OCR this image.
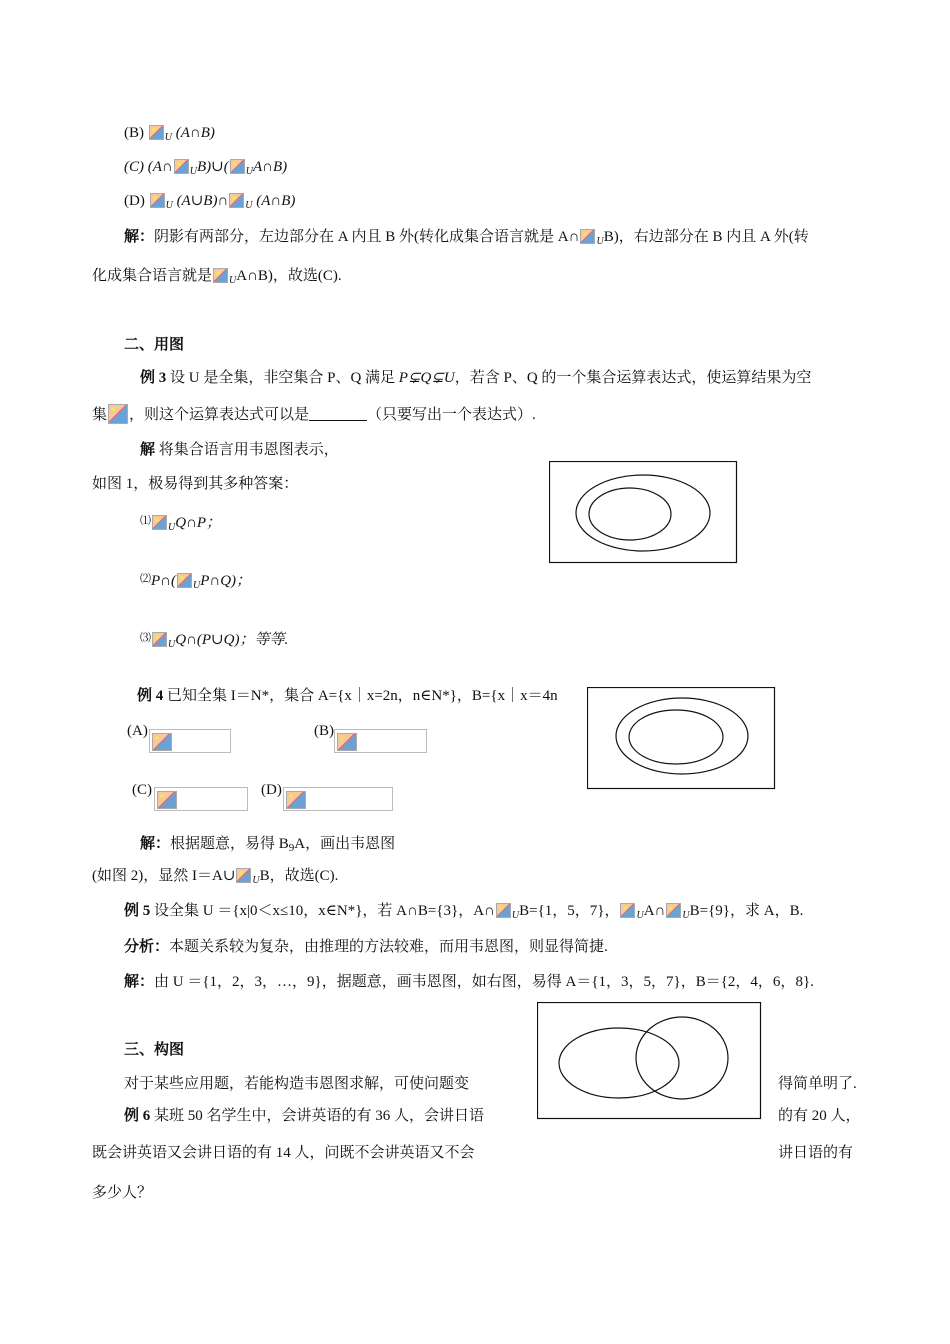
(B) $_U$ (A∩B)
(C) (A∩ $_U$B)∪( $_U$A∩B)
(D) $_U$ (A∪B)∩ $_U$ (A∩B)
解：阴影有两部分，左边部分在 A 内且 B 外(转化成集合语言就是 A∩ $_U$B)，右边部分在 B 内且 A 外(转
化成集合语言就是 $_U$A∩B)，故选(C).
二、用图
例 3 设 U 是全集，非空集合 P、Q 满足 P⊊Q⊊U，若含 P、Q 的一个集合运算表达式，使运算结果为空
集 ，则这个运算表达式可以是	（只要写出一个表达式）.
解 将集合语言用韦恩图表示，
如图 1，极易得到其多种答案：
⑴$_U$Q∩P；
⑵P∩( $_U$P∩Q)；
⑶$_U$Q∩(P∪Q)；等等.
例 4 已知全集 I＝N*，集合 A={x｜x=2n，n∈N*}，B={x｜x＝4n
(A)	(B)
(C)	(D)
解：根据题意，易得 $B_9A$，画出韦恩图
(如图 2)，显然 I＝A∪ $_U$B，故选(C).
例 5 设全集 U ＝{x|0＜x≤10，x∈N*}，若 A∩B={3}，A∩ $_U$B={1，5，7}， $_U$A∩ $_U$B={9}，求 A，B.
分析：本题关系较为复杂，由推理的方法较难，而用韦恩图，则显得简捷.
解：由 U ＝{1，2，3，…，9}，据题意，画韦恩图，如右图，易得 A＝{1，3，5，7}，B＝{2，4，6，8}.
三、构图
对于某些应用题，若能构造韦恩图求解，可使问题变	得简单明了.
例 6 某班 50 名学生中，会讲英语的有 36 人，会讲日语	的有 20 人，
既会讲英语又会讲日语的有 14 人，问既不会讲英语又不会	讲日语的有
多少人？
